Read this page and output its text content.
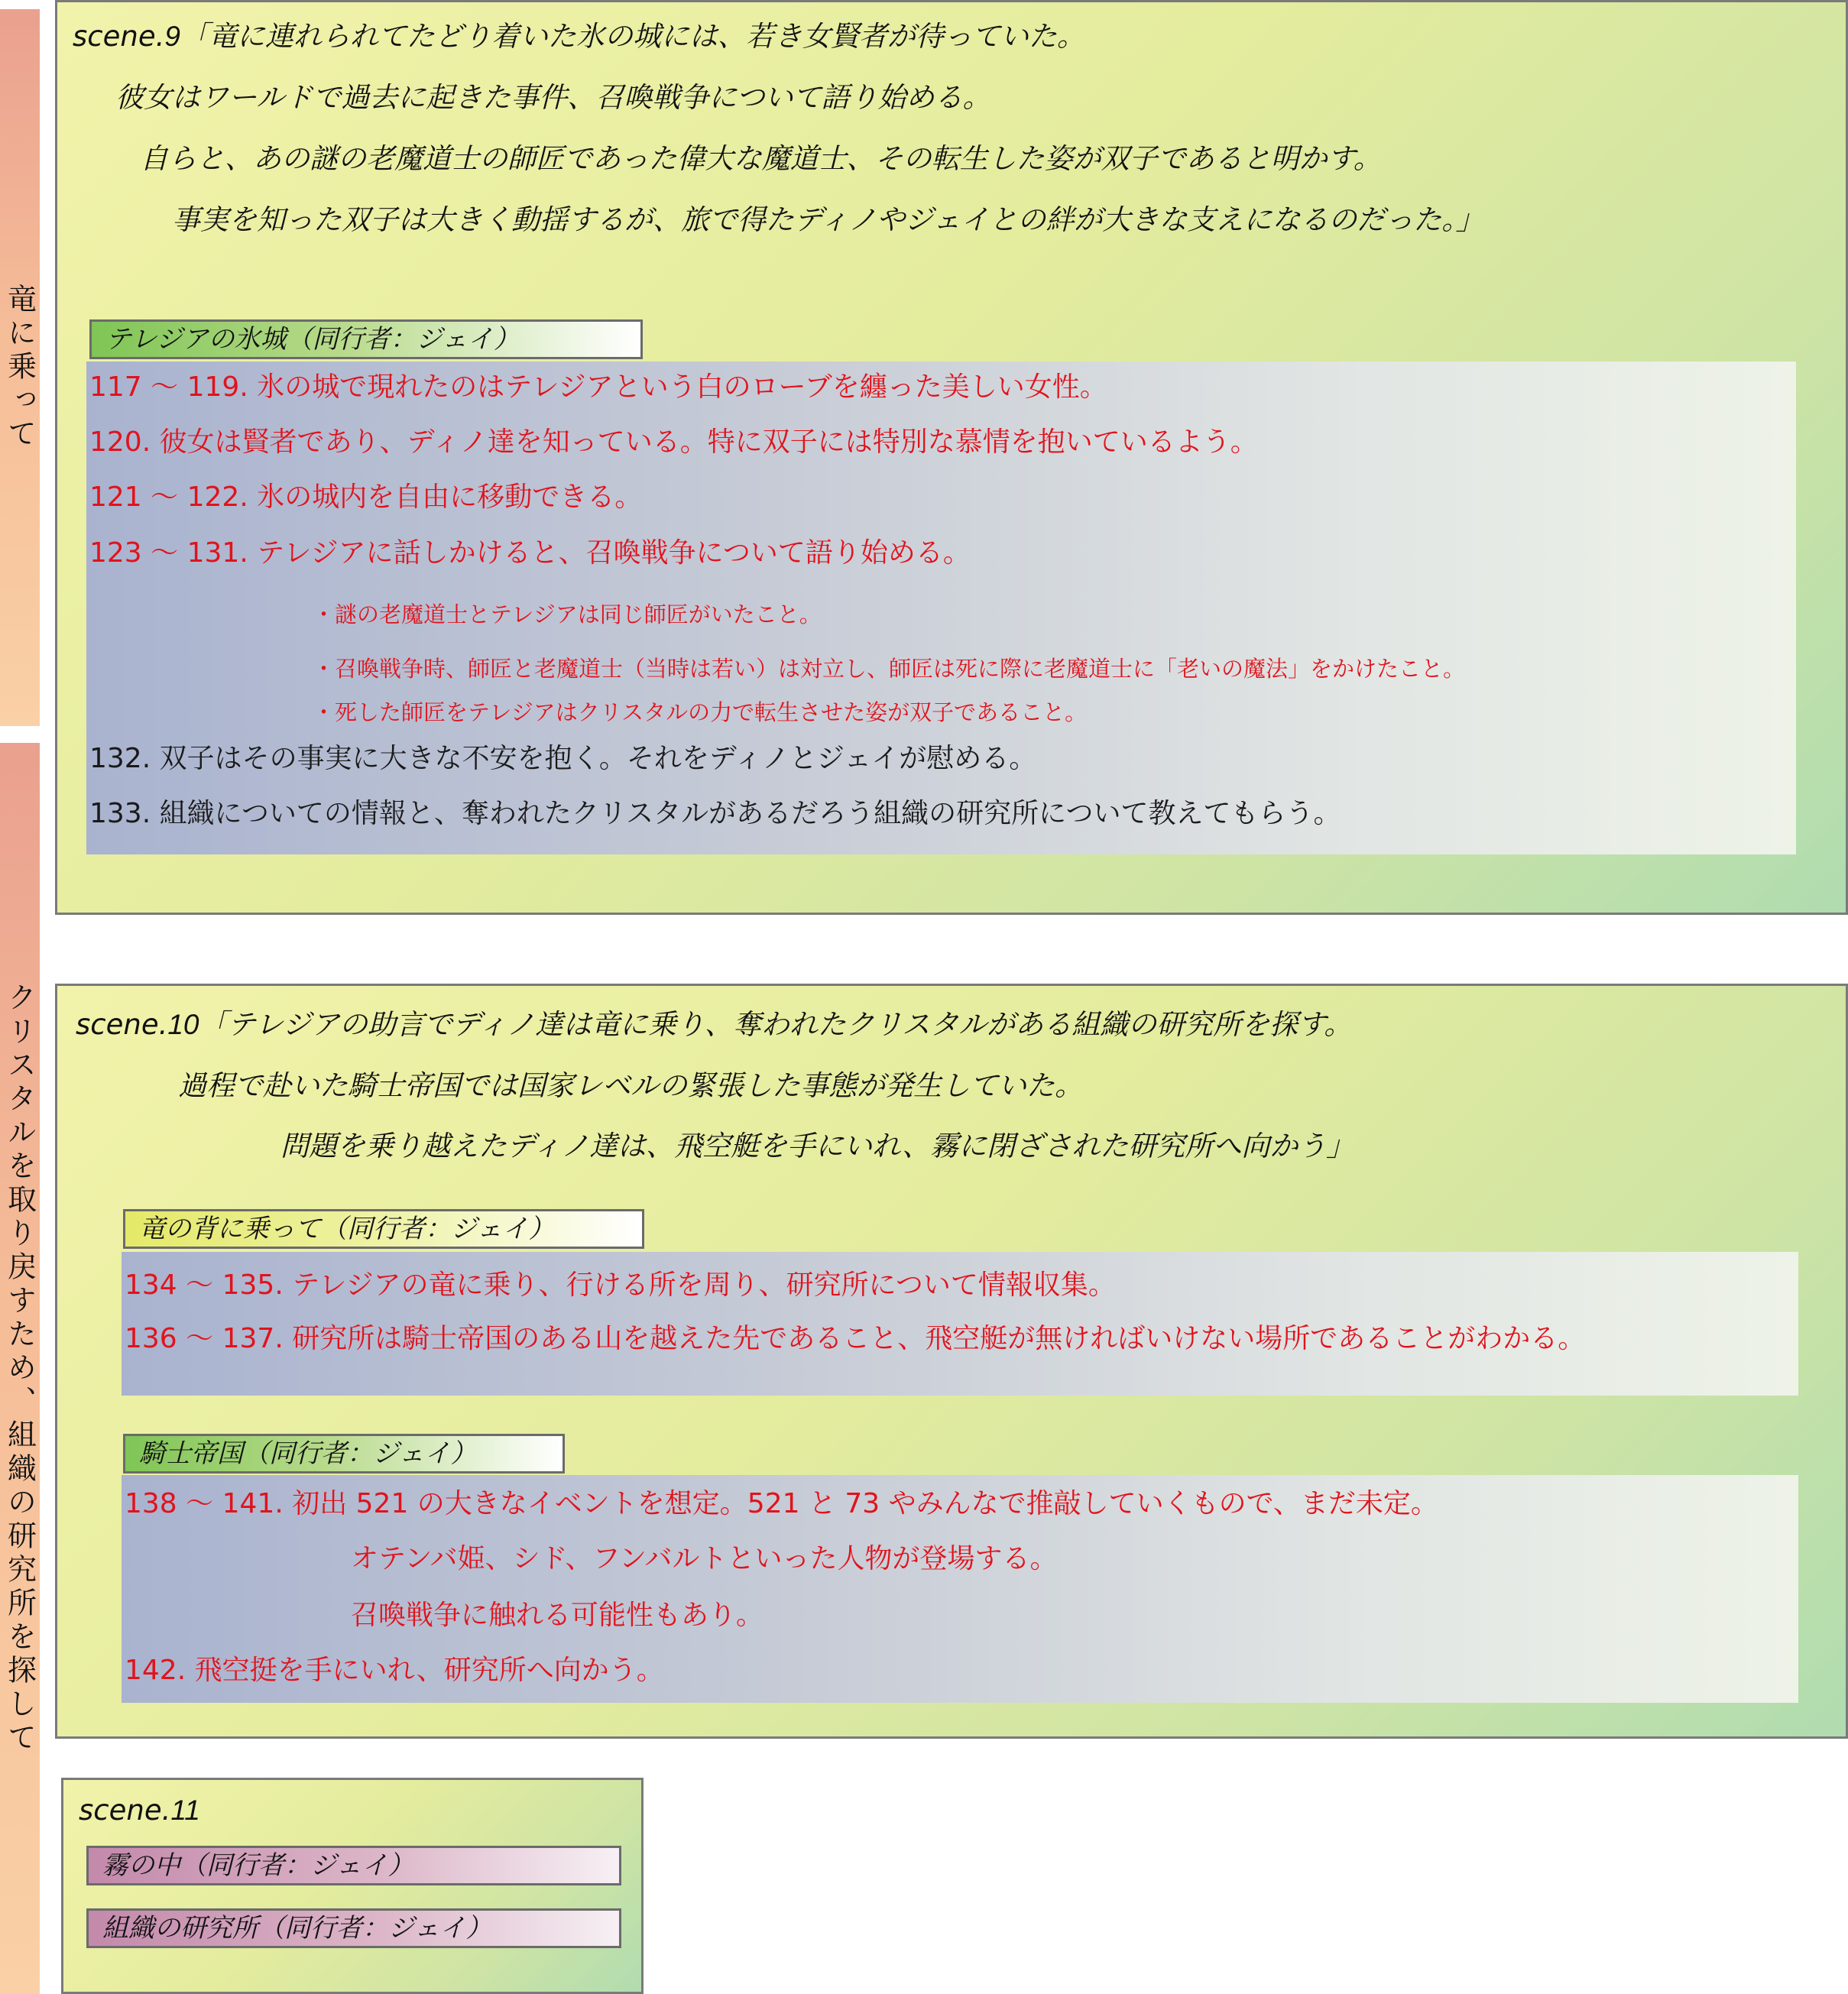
竜に乗って
クリスタルを取り戻すため、組織の研究所を探して
scene.9「竜に連れられてたどり着いた氷の城には、若き女賢者が待っていた。
彼女はワールドで過去に起きた事件、召喚戦争について語り始める。
自らと、あの謎の老魔道士の師匠であった偉大な魔道士、その転生した姿が双子であると明かす。
事実を知った双子は大きく動揺するが、旅で得たディノやジェイとの絆が大きな支えになるのだった。」
テレジアの氷城（同行者：ジェイ）
117 ～ 119. 氷の城で現れたのはテレジアという白のローブを纏った美しい女性。
120. 彼女は賢者であり、ディノ達を知っている。特に双子には特別な慕情を抱いているよう。
121 ～ 122. 氷の城内を自由に移動できる。
123 ～ 131. テレジアに話しかけると、召喚戦争について語り始める。
・謎の老魔道士とテレジアは同じ師匠がいたこと。
・召喚戦争時、師匠と老魔道士（当時は若い）は対立し、師匠は死に際に老魔道士に「老いの魔法」をかけたこと。
・死した師匠をテレジアはクリスタルの力で転生させた姿が双子であること。
132. 双子はその事実に大きな不安を抱く。それをディノとジェイが慰める。
133. 組織についての情報と、奪われたクリスタルがあるだろう組織の研究所について教えてもらう。
scene.10「テレジアの助言でディノ達は竜に乗り、奪われたクリスタルがある組織の研究所を探す。
過程で赴いた騎士帝国では国家レベルの緊張した事態が発生していた。
問題を乗り越えたディノ達は、飛空艇を手にいれ、霧に閉ざされた研究所へ向かう」
竜の背に乗って（同行者：ジェイ）
134 ～ 135. テレジアの竜に乗り、行ける所を周り、研究所について情報収集。
136 ～ 137. 研究所は騎士帝国のある山を越えた先であること、飛空艇が無ければいけない場所であることがわかる。
騎士帝国（同行者：ジェイ）
138 ～ 141. 初出 521 の大きなイベントを想定。521 と 73 やみんなで推敲していくもので、まだ未定。
オテンバ姫、シド、フンバルトといった人物が登場する。
召喚戦争に触れる可能性もあり。
142. 飛空挺を手にいれ、研究所へ向かう。
scene.11
霧の中（同行者：ジェイ）
組織の研究所（同行者：ジェイ）
